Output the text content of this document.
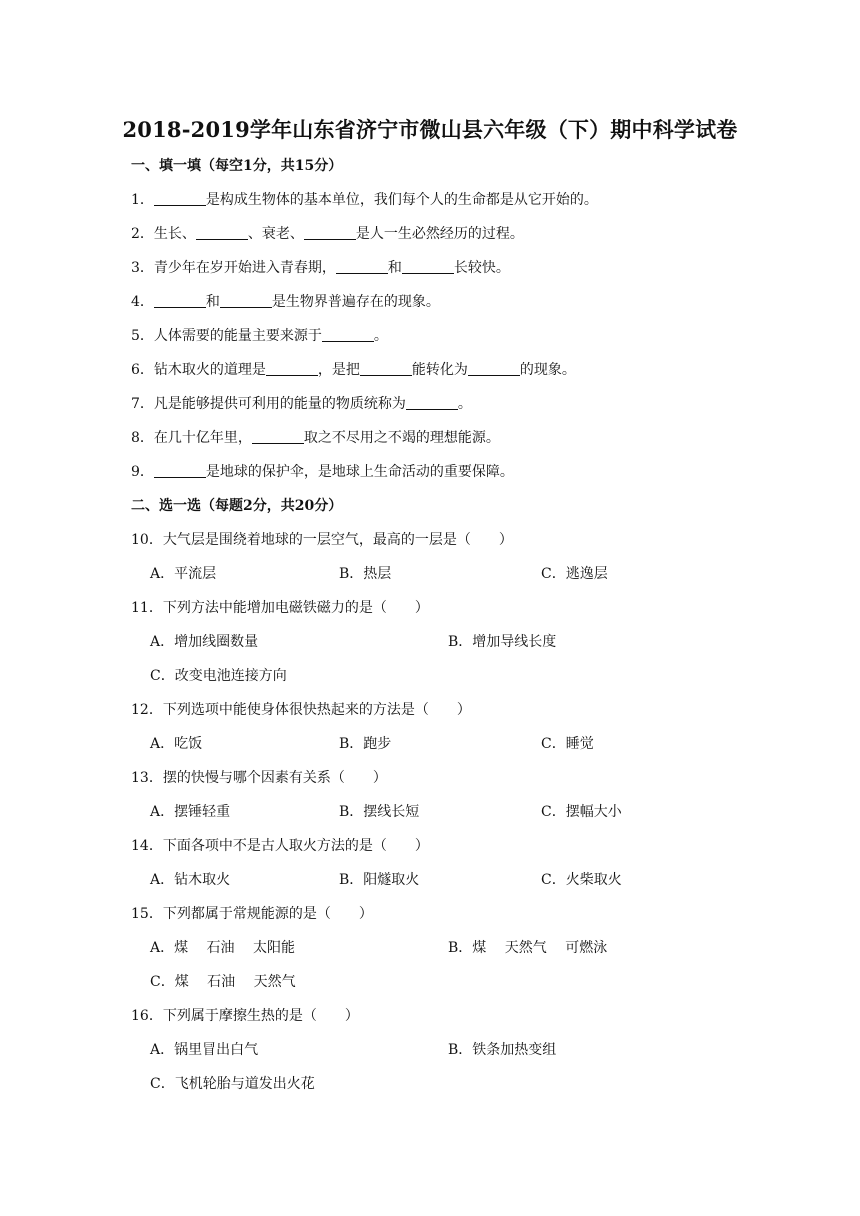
2018-2019学年山东省济宁市微山县六年级（下）期中科学试卷
一、填一填（每空1分，共15分）
1．	是构成生物体的基本单位，我们每个人的生命都是从它开始的。
2．生长、	、衰老、	是人一生必然经历的过程。
3．青少年在岁开始进入青春期，	和	长较快。
4．	和	是生物界普遍存在的现象。
5．人体需要的能量主要来源于	。
6．钻木取火的道理是	，是把	能转化为	的现象。
7．凡是能够提供可利用的能量的物质统称为	。
8．在几十亿年里，	取之不尽用之不竭的理想能源。
9．	是地球的保护伞，是地球上生命活动的重要保障。
二、选一选（每题2分，共20分）
10．大气层是围绕着地球的一层空气，最高的一层是（　　）
A．平流层	B．热层	C．逃逸层
11．下列方法中能增加电磁铁磁力的是（　　）
A．增加线圈数量	B．增加导线长度
C．改变电池连接方向
12．下列选项中能使身体很快热起来的方法是（　　）
A．吃饭	B．跑步	C．睡觉
13．摆的快慢与哪个因素有关系（　　）
A．摆锤轻重	B．摆线长短	C．摆幅大小
14．下面各项中不是古人取火方法的是（　　）
A．钻木取火	B．阳燧取火	C．火柴取火
15．下列都属于常规能源的是（　　）
A．煤　 石油　 太阳能	B．煤　 天然气　 可燃泳
C．煤　 石油　 天然气
16．下列属于摩擦生热的是（　　）
A．锅里冒出白气	B．铁条加热变组
C．飞机轮胎与道发出火花
